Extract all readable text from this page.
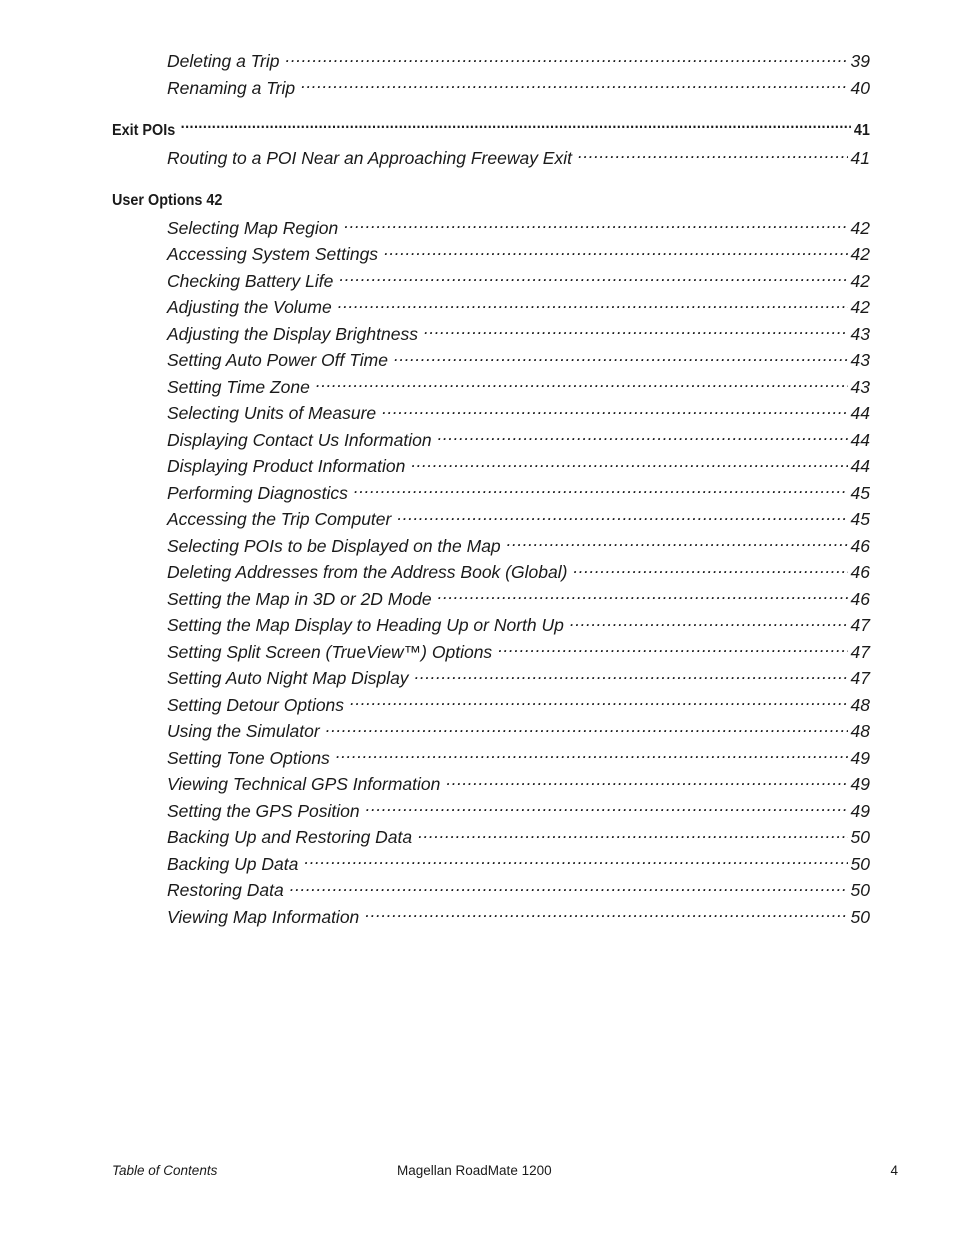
Deleting a Trip .....	39
Renaming a Trip .....	40
Exit POIs .....	41
Routing to a POI Near an Approaching Freeway Exit .....	41
User Options 42
Selecting Map Region .....	42
Accessing System Settings .....	42
Checking Battery Life .....	42
Adjusting the Volume .....	42
Adjusting the Display Brightness .....	43
Setting Auto Power Off Time .....	43
Setting Time Zone .....	43
Selecting Units of Measure .....	44
Displaying Contact Us Information .....	44
Displaying Product Information .....	44
Performing Diagnostics .....	45
Accessing the Trip Computer .....	45
Selecting POIs to be Displayed on the Map .....	46
Deleting Addresses from the Address Book (Global) .....	46
Setting the Map in 3D or 2D Mode .....	46
Setting the Map Display to Heading Up or North Up .....	47
Setting Split Screen (TrueView™) Options .....	47
Setting Auto Night Map Display .....	47
Setting Detour Options .....	48
Using the Simulator .....	48
Setting Tone Options .....	49
Viewing Technical GPS Information .....	49
Setting the GPS Position .....	49
Backing Up and Restoring Data .....	50
Backing Up Data .....	50
Restoring Data .....	50
Viewing Map Information .....	50
Table of Contents	Magellan RoadMate 1200	4
